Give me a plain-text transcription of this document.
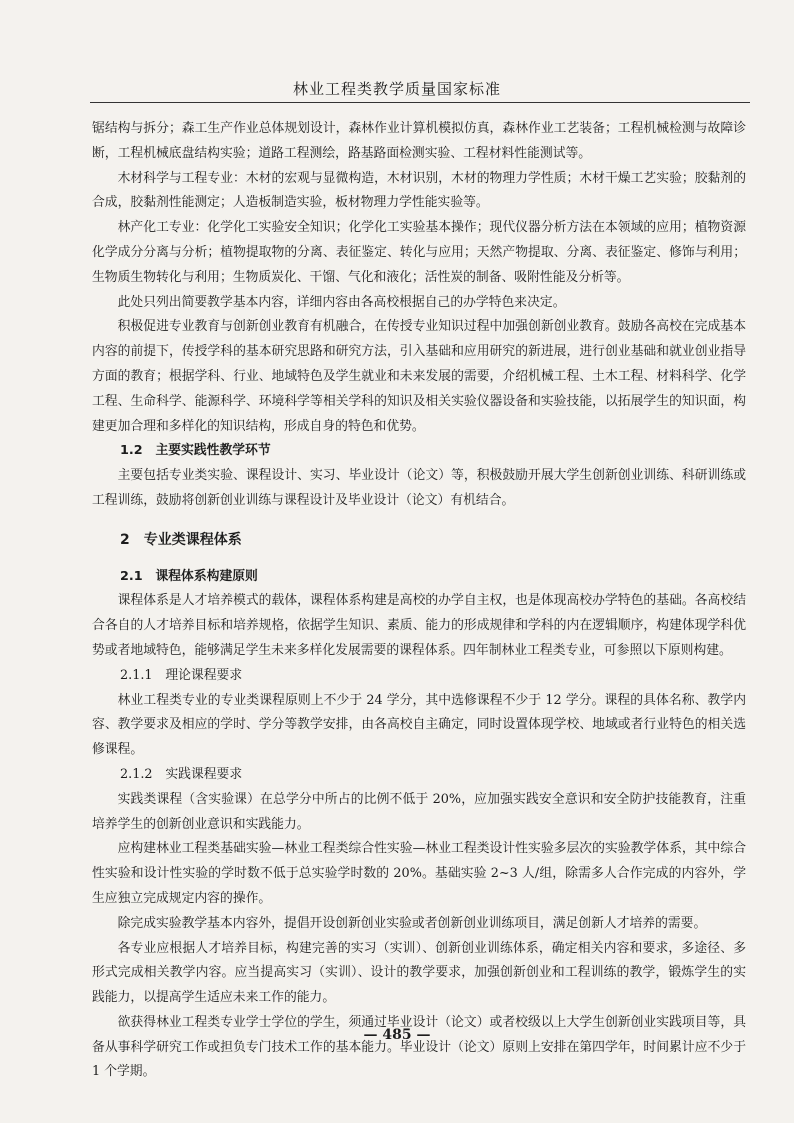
林业工程类教学质量国家标准

锯结构与拆分；森工生产作业总体规划设计，森林作业计算机模拟仿真，森林作业工艺装备；工程机械检测与故障诊断，工程机械底盘结构实验；道路工程测绘，路基路面检测实验、工程材料性能测试等。

木材科学与工程专业：木材的宏观与显微构造，木材识别，木材的物理力学性质；木材干燥工艺实验；胶黏剂的合成，胶黏剂性能测定；人造板制造实验，板材物理力学性能实验等。

林产化工专业：化学化工实验安全知识；化学化工实验基本操作；现代仪器分析方法在本领域的应用；植物资源化学成分分离与分析；植物提取物的分离、表征鉴定、转化与应用；天然产物提取、分离、表征鉴定、修饰与利用；生物质生物转化与利用；生物质炭化、干馏、气化和液化；活性炭的制备、吸附性能及分析等。

此处只列出简要教学基本内容，详细内容由各高校根据自己的办学特色来决定。

积极促进专业教育与创新创业教育有机融合，在传授专业知识过程中加强创新创业教育。鼓励各高校在完成基本内容的前提下，传授学科的基本研究思路和研究方法，引入基础和应用研究的新进展，进行创业基础和就业创业指导方面的教育；根据学科、行业、地域特色及学生就业和未来发展的需要，介绍机械工程、土木工程、材料科学、化学工程、生命科学、能源科学、环境科学等相关学科的知识及相关实验仪器设备和实验技能，以拓展学生的知识面，构建更加合理和多样化的知识结构，形成自身的特色和优势。

1.2　主要实践性教学环节

主要包括专业类实验、课程设计、实习、毕业设计（论文）等，积极鼓励开展大学生创新创业训练、科研训练或工程训练，鼓励将创新创业训练与课程设计及毕业设计（论文）有机结合。

2　专业类课程体系
2.1　课程体系构建原则

课程体系是人才培养模式的载体，课程体系构建是高校的办学自主权，也是体现高校办学特色的基础。各高校结合各自的人才培养目标和培养规格，依据学生知识、素质、能力的形成规律和学科的内在逻辑顺序，构建体现学科优势或者地域特色，能够满足学生未来多样化发展需要的课程体系。四年制林业工程类专业，可参照以下原则构建。

2.1.1　理论课程要求

林业工程类专业的专业类课程原则上不少于 24 学分，其中选修课程不少于 12 学分。课程的具体名称、教学内容、教学要求及相应的学时、学分等教学安排，由各高校自主确定，同时设置体现学校、地域或者行业特色的相关选修课程。

2.1.2　实践课程要求

实践类课程（含实验课）在总学分中所占的比例不低于 20%，应加强实践安全意识和安全防护技能教育，注重培养学生的创新创业意识和实践能力。

应构建林业工程类基础实验—林业工程类综合性实验—林业工程类设计性实验多层次的实验教学体系，其中综合性实验和设计性实验的学时数不低于总实验学时数的 20%。基础实验 2~3 人/组，除需多人合作完成的内容外，学生应独立完成规定内容的操作。

除完成实验教学基本内容外，提倡开设创新创业实验或者创新创业训练项目，满足创新人才培养的需要。

各专业应根据人才培养目标，构建完善的实习（实训）、创新创业训练体系，确定相关内容和要求，多途径、多形式完成相关教学内容。应当提高实习（实训）、设计的教学要求，加强创新创业和工程训练的教学，锻炼学生的实践能力，以提高学生适应未来工作的能力。

欲获得林业工程类专业学士学位的学生，须通过毕业设计（论文）或者校级以上大学生创新创业实践项目等，具备从事科学研究工作或担负专门技术工作的基本能力。毕业设计（论文）原则上安排在第四学年，时间累计应不少于 1 个学期。

— 485 —
